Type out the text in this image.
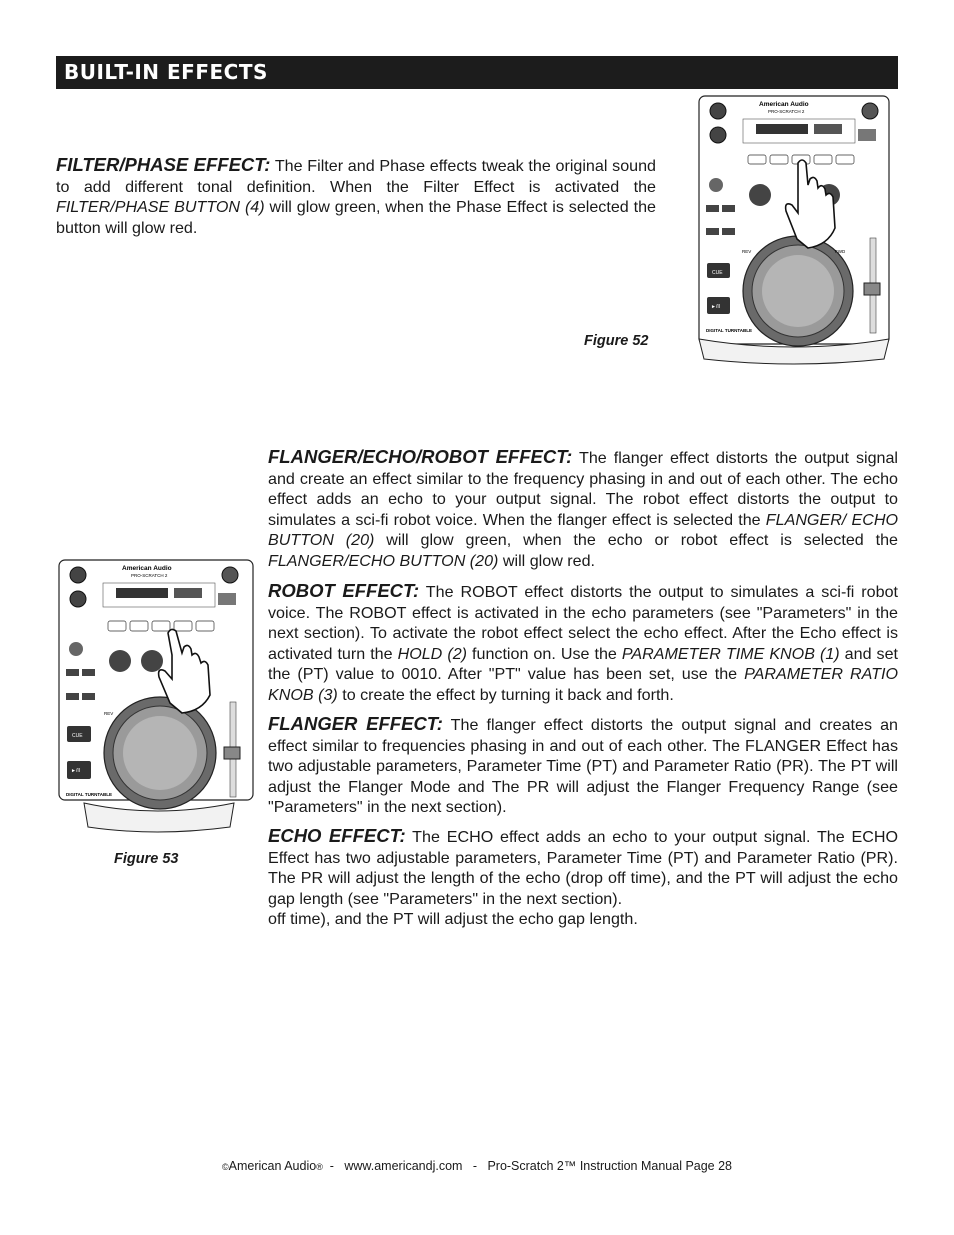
BUILT-IN EFFECTS

FILTER/PHASE EFFECT: The Filter and Phase effects tweak the original sound to add different tonal definition. When the Filter Effect is activated the FILTER/PHASE BUTTON (4) will glow green, when the Phase Effect is selected the button will glow red.

American Audio
PRO-SCRATCH 2
CUE
►/II
REV	FWD
DIGITAL TURNTABLE
Figure 52

FLANGER/ECHO/ROBOT EFFECT: The flanger effect distorts the output signal and create an effect similar to the frequency phasing in and out of each other. The echo effect adds an echo to your output signal. The robot effect distorts the output to simulates a sci-fi robot voice. When the flanger effect is selected the FLANGER/ ECHO BUTTON (20) will glow green, when the echo or robot effect is selected the FLANGER/ECHO BUTTON (20) will glow red.

ROBOT EFFECT: The ROBOT effect distorts the output to simulates a sci-fi robot voice. The ROBOT effect is activated in the echo parameters (see "Parameters" in the next section). To activate the robot effect select the echo effect. After the Echo effect is activated turn the HOLD (2) function on. Use the PARAMETER TIME KNOB (1) and set the (PT) value to 0010. After "PT" value has been set, use the PARAMETER RATIO KNOB (3) to create the effect by turning it back and forth.

FLANGER EFFECT: The flanger effect distorts the output signal and creates an effect similar to frequencies phasing in and out of each other. The FLANGER Effect has two adjustable parameters, Parameter Time (PT) and Parameter Ratio (PR). The PT will adjust the Flanger Mode and The PR will adjust the Flanger Frequency Range (see "Parameters" in the next section).

ECHO EFFECT: The ECHO effect adds an echo to your output signal. The ECHO Effect has two adjustable parameters, Parameter Time (PT) and Parameter Ratio (PR). The PR will adjust the length of the echo (drop off time), and the PT will adjust the echo gap length (see "Parameters" in the next section).
off time), and the PT will adjust the echo gap length.

American Audio
PRO-SCRATCH 2
CUE
►/II
REV
DIGITAL TURNTABLE
Figure 53
©American Audio®  -   www.americandj.com   -   Pro-Scratch 2™ Instruction Manual Page 28
